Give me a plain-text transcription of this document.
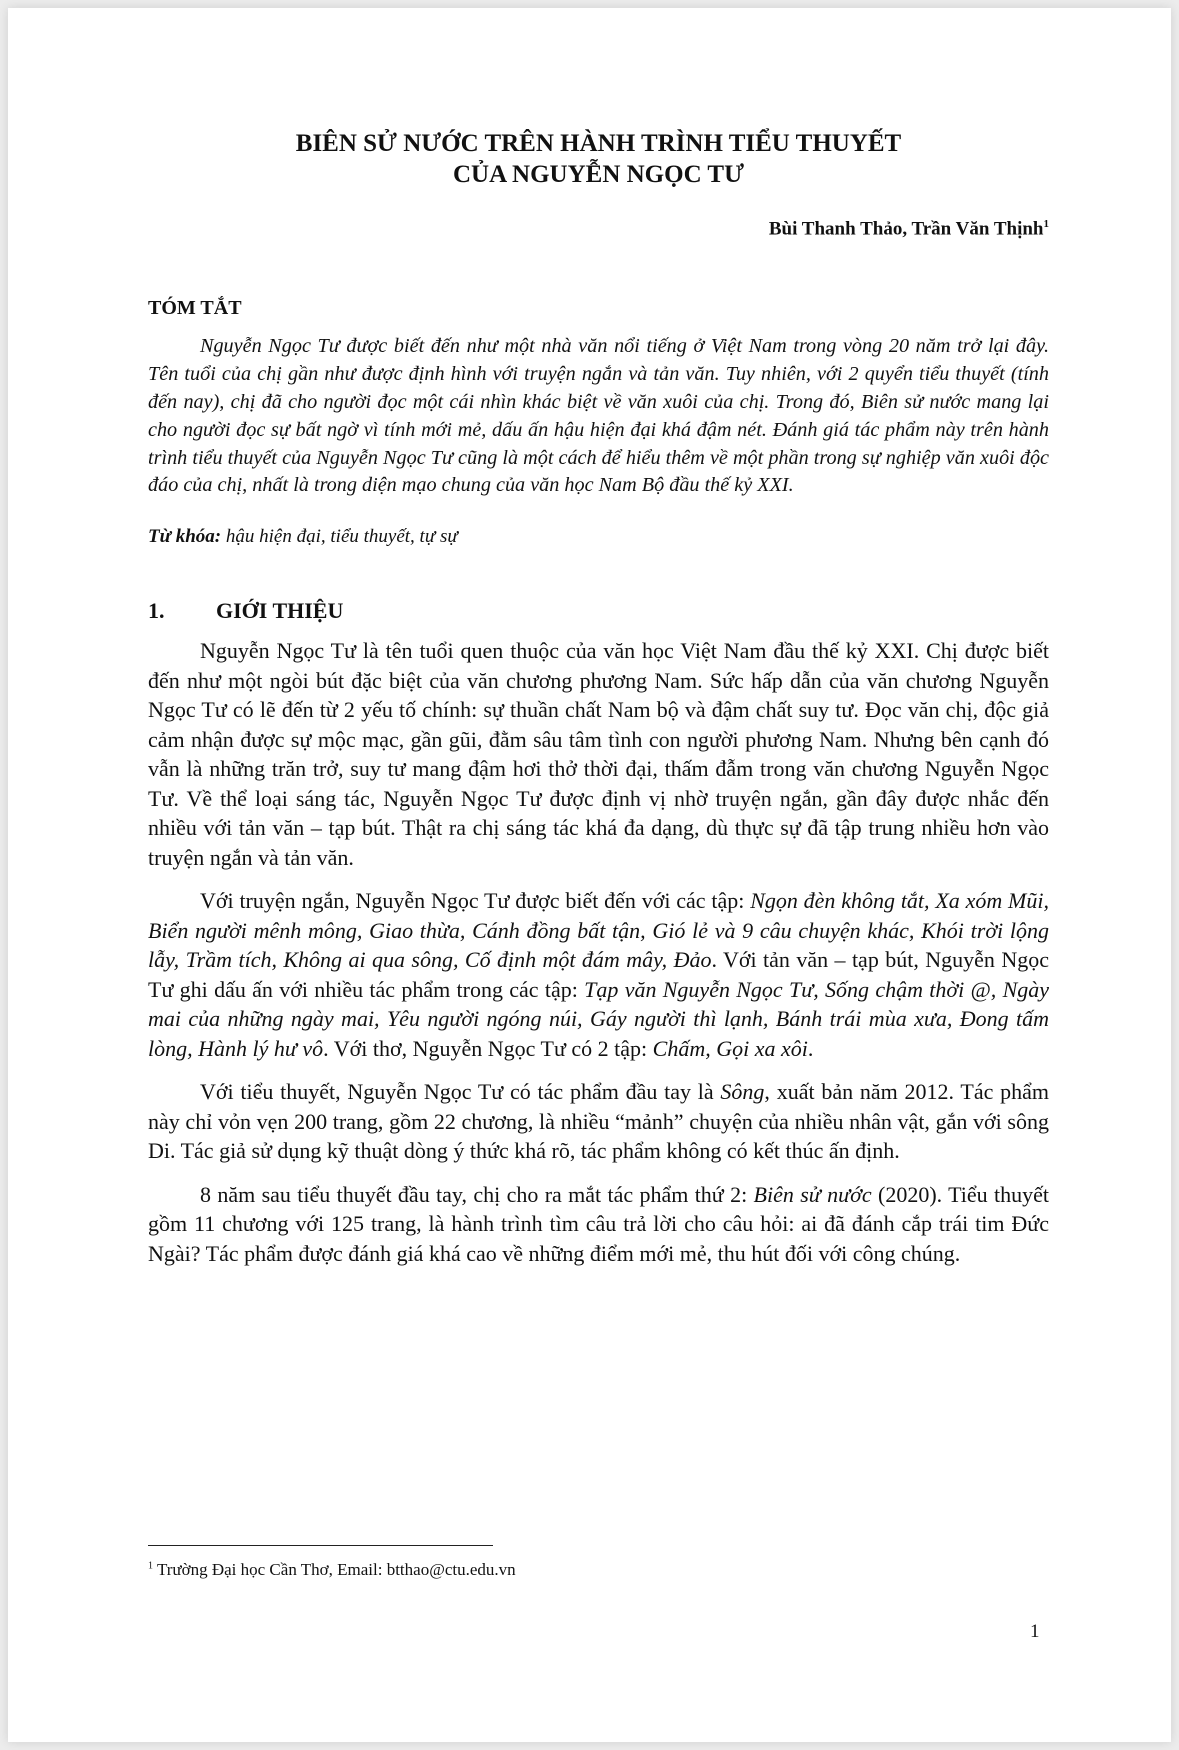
BIÊN SỬ NƯỚC TRÊN HÀNH TRÌNH TIỂU THUYẾT
CỦA NGUYỄN NGỌC TƯ
Bùi Thanh Thảo, Trần Văn Thịnh$^1$
TÓM TẮT

Nguyễn Ngọc Tư được biết đến như một nhà văn nổi tiếng ở Việt Nam trong vòng 20 năm trở lại đây. Tên tuổi của chị gần như được định hình với truyện ngắn và tản văn. Tuy nhiên, với 2 quyển tiểu thuyết (tính đến nay), chị đã cho người đọc một cái nhìn khác biệt về văn xuôi của chị. Trong đó, Biên sử nước mang lại cho người đọc sự bất ngờ vì tính mới mẻ, dấu ấn hậu hiện đại khá đậm nét. Đánh giá tác phẩm này trên hành trình tiểu thuyết của Nguyễn Ngọc Tư cũng là một cách để hiểu thêm về một phần trong sự nghiệp văn xuôi độc đáo của chị, nhất là trong diện mạo chung của văn học Nam Bộ đầu thế kỷ XXI.

Từ khóa: hậu hiện đại, tiểu thuyết, tự sự
1. GIỚI THIỆU

Nguyễn Ngọc Tư là tên tuổi quen thuộc của văn học Việt Nam đầu thế kỷ XXI. Chị được biết đến như một ngòi bút đặc biệt của văn chương phương Nam. Sức hấp dẫn của văn chương Nguyễn Ngọc Tư có lẽ đến từ 2 yếu tố chính: sự thuần chất Nam bộ và đậm chất suy tư. Đọc văn chị, độc giả cảm nhận được sự mộc mạc, gần gũi, đằm sâu tâm tình con người phương Nam. Nhưng bên cạnh đó vẫn là những trăn trở, suy tư mang đậm hơi thở thời đại, thấm đẫm trong văn chương Nguyễn Ngọc Tư. Về thể loại sáng tác, Nguyễn Ngọc Tư được định vị nhờ truyện ngắn, gần đây được nhắc đến nhiều với tản văn – tạp bút. Thật ra chị sáng tác khá đa dạng, dù thực sự đã tập trung nhiều hơn vào truyện ngắn và tản văn.

Với truyện ngắn, Nguyễn Ngọc Tư được biết đến với các tập: Ngọn đèn không tắt, Xa xóm Mũi, Biển người mênh mông, Giao thừa, Cánh đồng bất tận, Gió lẻ và 9 câu chuyện khác, Khói trời lộng lẫy, Trầm tích, Không ai qua sông, Cố định một đám mây, Đảo. Với tản văn – tạp bút, Nguyễn Ngọc Tư ghi dấu ấn với nhiều tác phẩm trong các tập: Tạp văn Nguyễn Ngọc Tư, Sống chậm thời @, Ngày mai của những ngày mai, Yêu người ngóng núi, Gáy người thì lạnh, Bánh trái mùa xưa, Đong tấm lòng, Hành lý hư vô. Với thơ, Nguyễn Ngọc Tư có 2 tập: Chấm, Gọi xa xôi.

Với tiểu thuyết, Nguyễn Ngọc Tư có tác phẩm đầu tay là Sông, xuất bản năm 2012. Tác phẩm này chỉ vỏn vẹn 200 trang, gồm 22 chương, là nhiều “mảnh” chuyện của nhiều nhân vật, gắn với sông Di. Tác giả sử dụng kỹ thuật dòng ý thức khá rõ, tác phẩm không có kết thúc ấn định.

8 năm sau tiểu thuyết đầu tay, chị cho ra mắt tác phẩm thứ 2: Biên sử nước (2020). Tiểu thuyết gồm 11 chương với 125 trang, là hành trình tìm câu trả lời cho câu hỏi: ai đã đánh cắp trái tim Đức Ngài? Tác phẩm được đánh giá khá cao về những điểm mới mẻ, thu hút đối với công chúng.

$^1$ Trường Đại học Cần Thơ, Email: btthao@ctu.edu.vn
1
